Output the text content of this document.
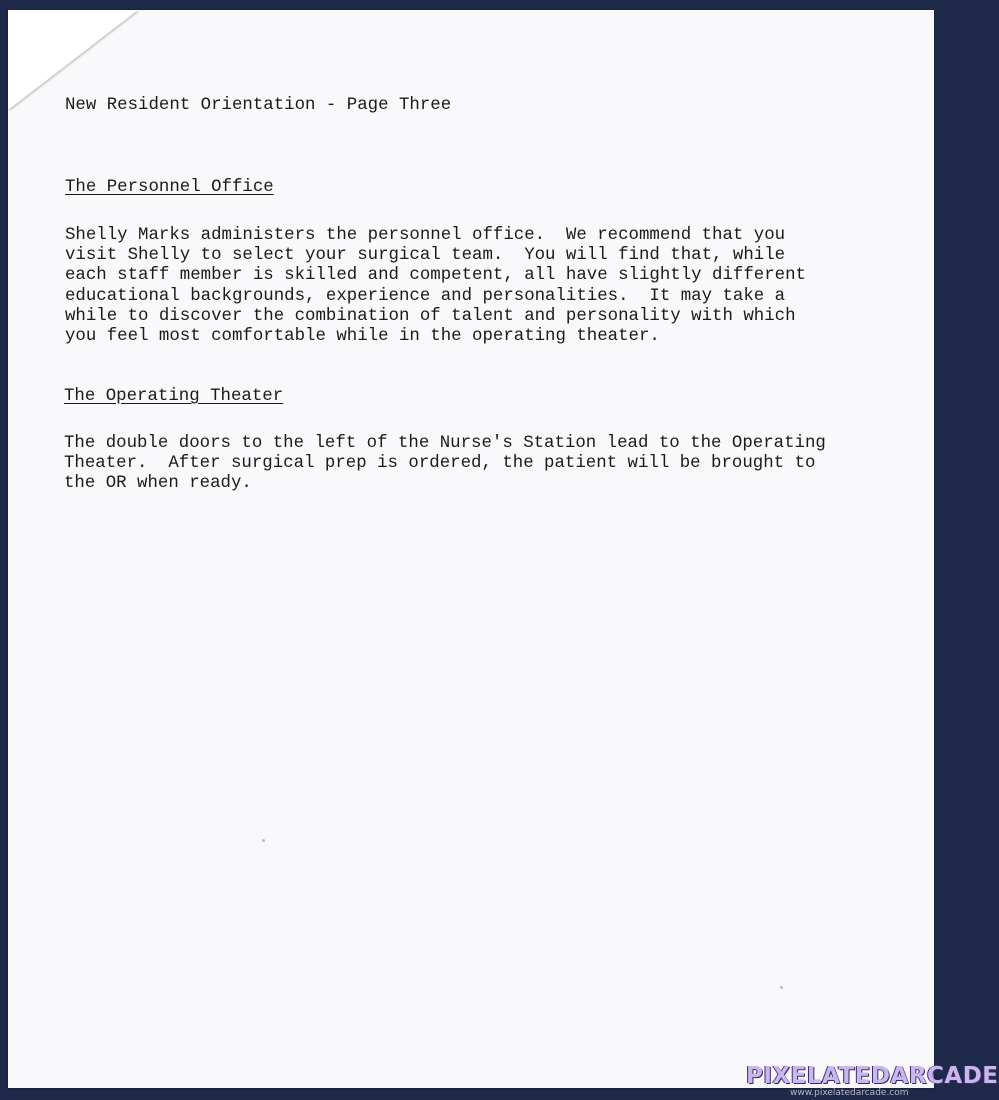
New Resident Orientation - Page Three
The Personnel Office
Shelly Marks administers the personnel office.  We recommend that you
visit Shelly to select your surgical team.  You will find that, while
each staff member is skilled and competent, all have slightly different
educational backgrounds, experience and personalities.  It may take a
while to discover the combination of talent and personality with which
you feel most comfortable while in the operating theater.
The Operating Theater
The double doors to the left of the Nurse's Station lead to the Operating
Theater.  After surgical prep is ordered, the patient will be brought to
the OR when ready.
PIXELATEDARCADE
www.pixelatedarcade.com
